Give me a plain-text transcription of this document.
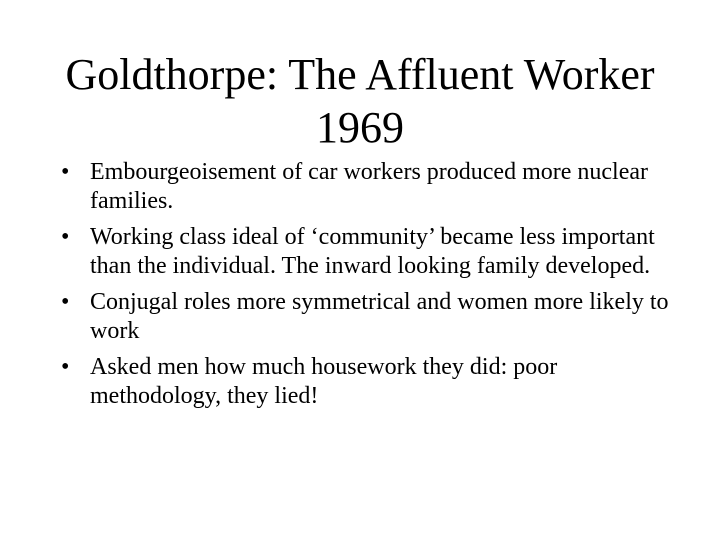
Goldthorpe: The Affluent Worker
1969
• Embourgeoisement of car workers produced more nuclear families.
• Working class ideal of ‘community’ became less important than the individual. The inward looking family developed.
• Conjugal roles more symmetrical and women more likely to work
• Asked men how much housework they did: poor methodology, they lied!
